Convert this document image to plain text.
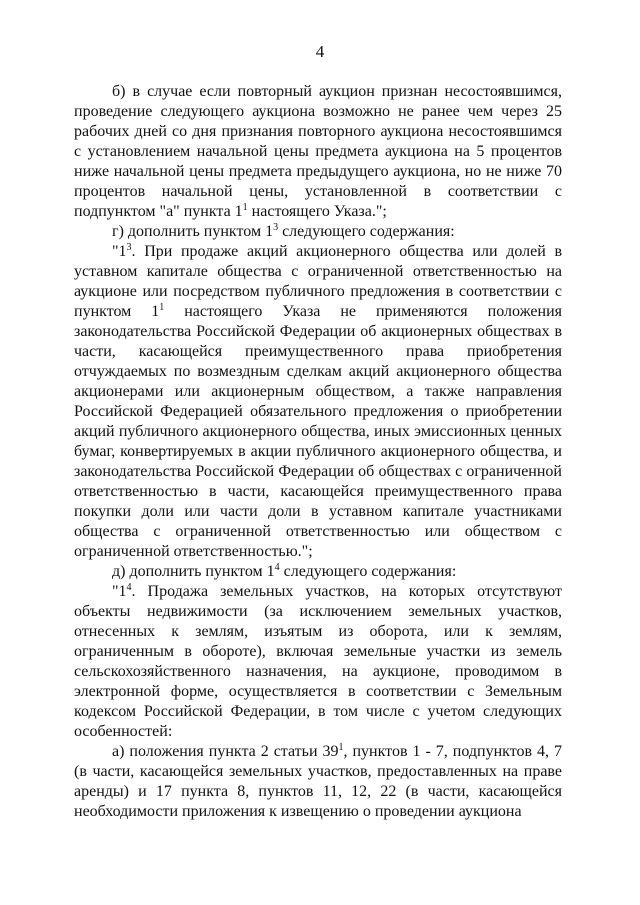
4

б) в случае если повторный аукцион признан несостоявшимся, проведение следующего аукциона возможно не ранее чем через 25 рабочих дней со дня признания повторного аукциона несостоявшимся с установлением начальной цены предмета аукциона на 5 процентов ниже начальной цены предмета предыдущего аукциона, но не ниже 70 процентов начальной цены, установленной в соответствии с подпунктом "а" пункта $1^1$ настоящего Указа.";

г) дополнить пунктом $1^3$ следующего содержания:

"$1^3$. При продаже акций акционерного общества или долей в уставном капитале общества с ограниченной ответственностью на аукционе или посредством публичного предложения в соответствии с пунктом $1^1$ настоящего Указа не применяются положения законодательства Российской Федерации об акционерных обществах в части, касающейся преимущественного права приобретения отчуждаемых по возмездным сделкам акций акционерного общества акционерами или акционерным обществом, а также направления Российской Федерацией обязательного предложения о приобретении акций публичного акционерного общества, иных эмиссионных ценных бумаг, конвертируемых в акции публичного акционерного общества, и законодательства Российской Федерации об обществах с ограниченной ответственностью в части, касающейся преимущественного права покупки доли или части доли в уставном капитале участниками общества с ограниченной ответственностью или обществом с ограниченной ответственностью.";

д) дополнить пунктом $1^4$ следующего содержания:

"$1^4$. Продажа земельных участков, на которых отсутствуют объекты недвижимости (за исключением земельных участков, отнесенных к землям, изъятым из оборота, или к землям, ограниченным в обороте), включая земельные участки из земель сельскохозяйственного назначения, на аукционе, проводимом в электронной форме, осуществляется в соответствии с Земельным кодексом Российской Федерации, в том числе с учетом следующих особенностей:

а) положения пункта 2 статьи $39^1$, пунктов 1 - 7, подпунктов 4, 7 (в части, касающейся земельных участков, предоставленных на праве аренды) и 17 пункта 8, пунктов 11, 12, 22 (в части, касающейся необходимости приложения к извещению о проведении аукциона
